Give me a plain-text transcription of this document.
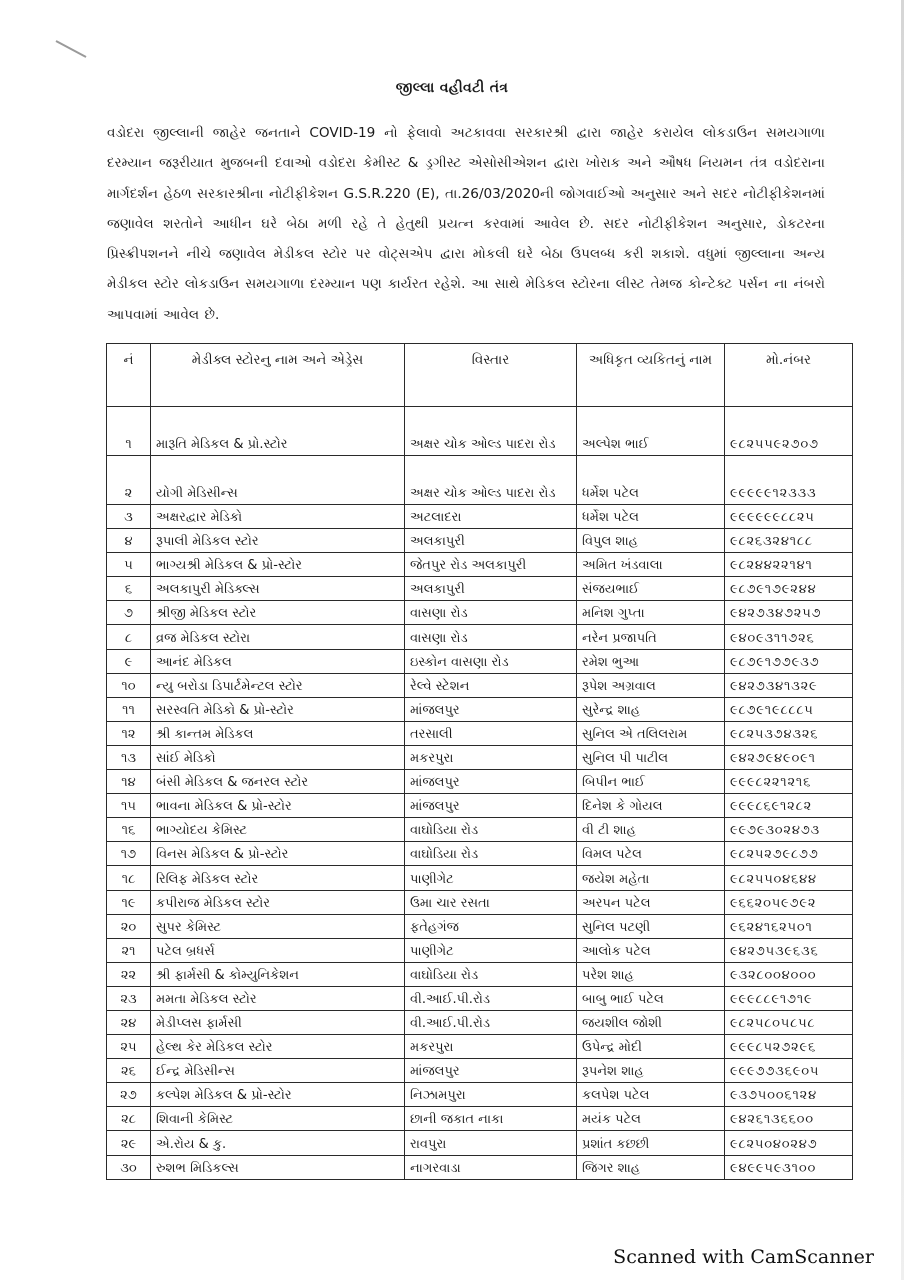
જીલ્લા વહીવટી તંત્ર
વડોદરા જીલ્લાની જાહેર જનતાને COVID-19 નો ફેલાવો અટકાવવા સરકારશ્રી દ્વારા જાહેર કરાયેલ લોકડાઉન સમયગાળા દરમ્યાન જરૂરીયાત મુજબની દવાઓ વડોદરા કેમીસ્ટ & ડ્રગીસ્ટ એસોસીએશન દ્વારા ખોરાક અને ઔષધ નિયમન તંત્ર વડોદરાના માર્ગદર્શન હેઠળ સરકારશ્રીના નોટીફીકેશન G.S.R.220 (E), તા.26/03/2020ની જોગવાઈઓ અનુસાર અને સદર નોટીફીકેશનમાં જણાવેલ શરતોને આધીન ઘરે બેઠા મળી રહે તે હેતુથી પ્રયત્ન કરવામાં આવેલ છે. સદર નોટીફીકેશન અનુસાર, ડોકટરના પ્રિસ્ક્રીપશનને નીચે જણાવેલ મેડીકલ સ્ટોર પર વોટ્સએપ દ્વારા મોકલી ઘરે બેઠા ઉપલબ્ધ કરી શકાશે. વધુમાં જીલ્લાના અન્ય મેડીકલ સ્ટોર લોકડાઉન સમયગાળા દરમ્યાન પણ કાર્યરત રહેશે. આ સાથે મેડિકલ સ્ટોરના લીસ્ટ તેમજ કોન્ટેક્ટ પર્સન ના નંબરો આપવામાં આવેલ છે.
નં	મેડીક્લ સ્ટોરનુ નામ અને એડ્રેસ	વિસ્તાર	અધિકૃત વ્યકિતનું નામ	મો.નંબર
૧	મારૂતિ મેડિકલ & પ્રો.સ્ટોર	અક્ષર ચોક ઓલ્ડ પાદરા રોડ	અલ્પેશ ભાઈ	૯૮૨૫૫૯૨૭૦૭
૨	યોગી મેડિસીન્સ	અક્ષર ચોક ઓલ્ડ પાદરા રોડ	ધર્મેશ પટેલ	૯૯૯૯૯૧૨૩૩૩
૩	અક્ષરદ્વાર મેડિકો	અટલાદરા	ધર્મેશ પટેલ	૯૯૯૯૯૯૮૮૨૫
૪	રૂપાલી મેડિકલ સ્ટોર	અલકાપુરી	વિપુલ શાહ	૯૮૨૬૩૨૪૧૮૮
૫	ભાગ્યશ્રી મેડિકલ & પ્રો-સ્ટોર	જેતપુર રોડ અલકાપુરી	અમિત ખંડવાલા	૯૮૨૪૪૨૨૧૪૧
૬	અલકાપુરી મેડિક્લ્સ	અલકાપુરી	સંજયભાઈ	૯૮૭૯૧૭૯૨૪૪
૭	શ્રીજી મેડિકલ સ્ટોર	વાસણા રોડ	મનિશ ગુપ્તા	૯૪૨૭૩૪૭૨૫૭
૮	વ્રજ મેડિકલ સ્ટોરા	વાસણા રોડ	નરેન પ્રજાપતિ	૯૪૦૯૩૧૧૭૨૬
૯	આનંદ મેડિકલ	ઇસ્કોન વાસણા રોડ	રમેશ ભુઆ	૯૮૭૯૧૭૭૯૩૭
૧૦	ન્યુ બરોડા ડિપાર્ટમેન્ટલ સ્ટોર	રેલ્વે સ્ટેશન	રૂપેશ અગ્રવાલ	૯૪૨૭૩૪૧૩૨૯
૧૧	સરસ્વતિ મેડિકો & પ્રો-સ્ટોર	માંજલપુર	સુરેન્દ્ર શાહ	૯૮૭૯૧૯૮૮૮૫
૧૨	શ્રી કાન્તમ મેડિકલ	તરસાલી	સુનિલ એ તલિલરામ	૯૮૨૫૩૭૪૩૨૬
૧૩	સાંઈ મેડિકો	મકરપુરા	સુનિલ પી પાટીલ	૯૪૨૭૯૪૯૦૯૧
૧૪	બંસી મેડિકલ & જનરલ સ્ટોર	માંજલપુર	બિપીન ભાઈ	૯૯૯૮૨૨૧૨૧૬
૧૫	ભાવના મેડિકલ & પ્રો-સ્ટોર	માંજલપુર	દિનેશ કે ગોયલ	૯૯૯૮૬૯૧૨૮૨
૧૬	ભાગ્યોદય કેમિસ્ટ	વાઘોડિયા રોડ	વી ટી શાહ	૯૯૭૯૩૦૨૪૭૩
૧૭	વિનસ મેડિકલ & પ્રો-સ્ટોર	વાઘોડિયા રોડ	વિમલ પટેલ	૯૮૨૫૨૭૯૮૭૭
૧૮	રિલિફ મેડિકલ સ્ટોર	પાણીગેટ	જયેશ મહેતા	૯૮૨૫૫૦૪૬૪૪
૧૯	કપીરાજ મેડિકલ સ્ટોર	ઉમા ચાર રસતા	અરપન પટેલ	૯૬૬૨૦૫૯૭૯૨
૨૦	સુપર કેમિસ્ટ	ફતેહગંજ	સુનિલ પટણી	૯૬૨૪૧૬૨૫૦૧
૨૧	પટેલ બ્રધર્સ	પાણીગેટ	આલોક પટેલ	૯૪૨૭૫૩૯૬૩૬
૨૨	શ્રી ફાર્મસી & કોમ્યુનિકેશન	વાઘોડિયા રોડ	પરેશ શાહ	૯૩૨૮૦૦૪૦૦૦
૨૩	મમતા મેડિકલ સ્ટોર	વી.આઈ.પી.રોડ	બાબુ ભાઈ પટેલ	૯૯૯૮૮૯૧૭૧૯
૨૪	મેડીપ્લસ ફાર્મસી	વી.આઈ.પી.રોડ	જયશીલ જોશી	૯૮૨૫૮૦૫૮૫૮
૨૫	હેલ્થ કેર મેડિકલ સ્ટોર	મકરપુરા	ઉપેન્દ્ર મોદી	૯૯૯૮૫૨૭૨૯૬
૨૬	ઈન્દ્ર મેડિસીન્સ	માંજલપુર	રૂપનેશ શાહ	૯૯૯૭૭૩૬૯૦૫
૨૭	કલ્પેશ મેડિકલ & પ્રો-સ્ટોર	નિઝામપુરા	કલપેશ પટેલ	૯૩૭૫૦૦૬૧૨૪
૨૮	શિવાની કેમિસ્ટ	છાની જકાત નાકા	મયંક પટેલ	૯૪૨૬૧૩૬૬૦૦
૨૯	એ.રોય & કુ.	રાવપુરા	પ્રશાંત કછછી	૯૮૨૫૦૪૦૨૪૭
૩૦	રુશભ મિડિકલ્સ	નાગરવાડા	જિગર શાહ	૯૪૯૯૫૯૩૧૦૦
Scanned with CamScanner
